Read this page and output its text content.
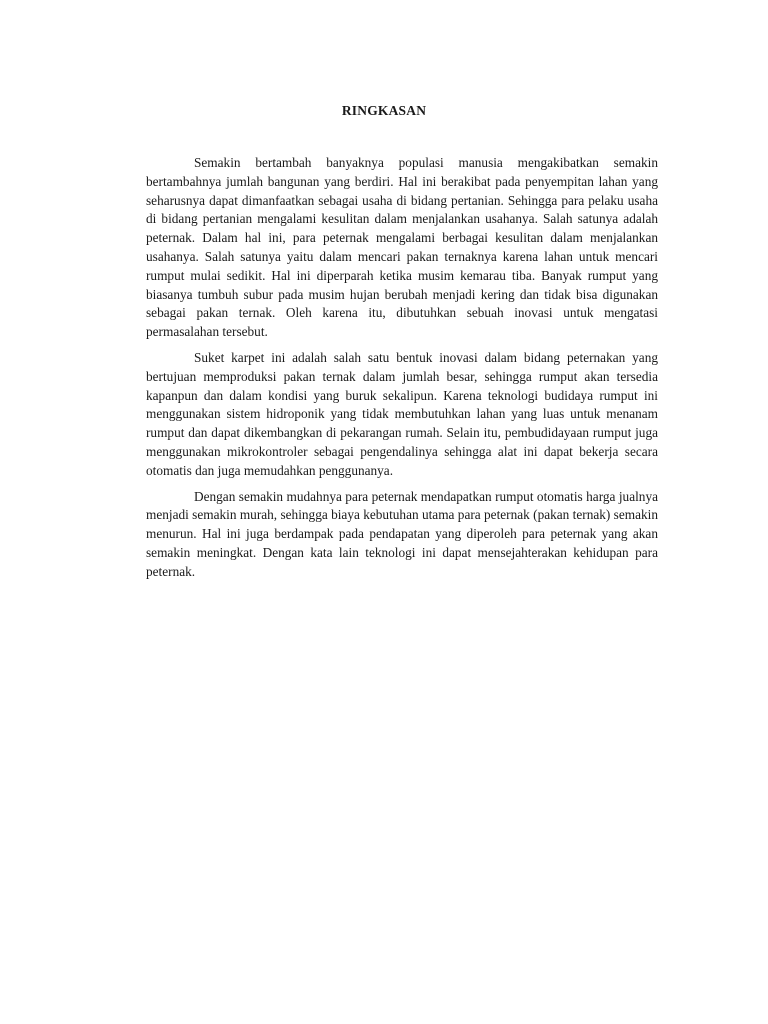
RINGKASAN

Semakin bertambah banyaknya populasi manusia mengakibatkan semakin bertambahnya jumlah bangunan yang berdiri. Hal ini berakibat pada penyempitan lahan yang seharusnya dapat dimanfaatkan sebagai usaha di bidang pertanian. Sehingga para pelaku usaha di bidang pertanian mengalami kesulitan dalam menjalankan usahanya. Salah satunya adalah peternak. Dalam hal ini, para peternak mengalami berbagai kesulitan dalam menjalankan usahanya. Salah satunya yaitu dalam mencari pakan ternaknya karena lahan untuk mencari rumput mulai sedikit. Hal ini diperparah ketika musim kemarau tiba. Banyak rumput yang biasanya tumbuh subur pada musim hujan berubah menjadi kering dan tidak bisa digunakan sebagai pakan ternak. Oleh karena itu, dibutuhkan sebuah inovasi untuk mengatasi permasalahan tersebut.

Suket karpet ini adalah salah satu bentuk inovasi dalam bidang peternakan yang bertujuan memproduksi pakan ternak dalam jumlah besar, sehingga rumput akan tersedia kapanpun dan dalam kondisi yang buruk sekalipun. Karena teknologi budidaya rumput ini menggunakan sistem hidroponik yang tidak membutuhkan lahan yang luas untuk menanam rumput dan dapat dikembangkan di pekarangan rumah. Selain itu, pembudidayaan rumput juga menggunakan mikrokontroler sebagai pengendalinya sehingga alat ini dapat bekerja secara otomatis dan juga memudahkan penggunanya.

Dengan semakin mudahnya para peternak mendapatkan rumput otomatis harga jualnya menjadi semakin murah, sehingga biaya kebutuhan utama para peternak (pakan ternak) semakin menurun. Hal ini juga berdampak pada pendapatan yang diperoleh para peternak yang akan semakin meningkat. Dengan kata lain teknologi ini dapat mensejahterakan kehidupan para peternak.
